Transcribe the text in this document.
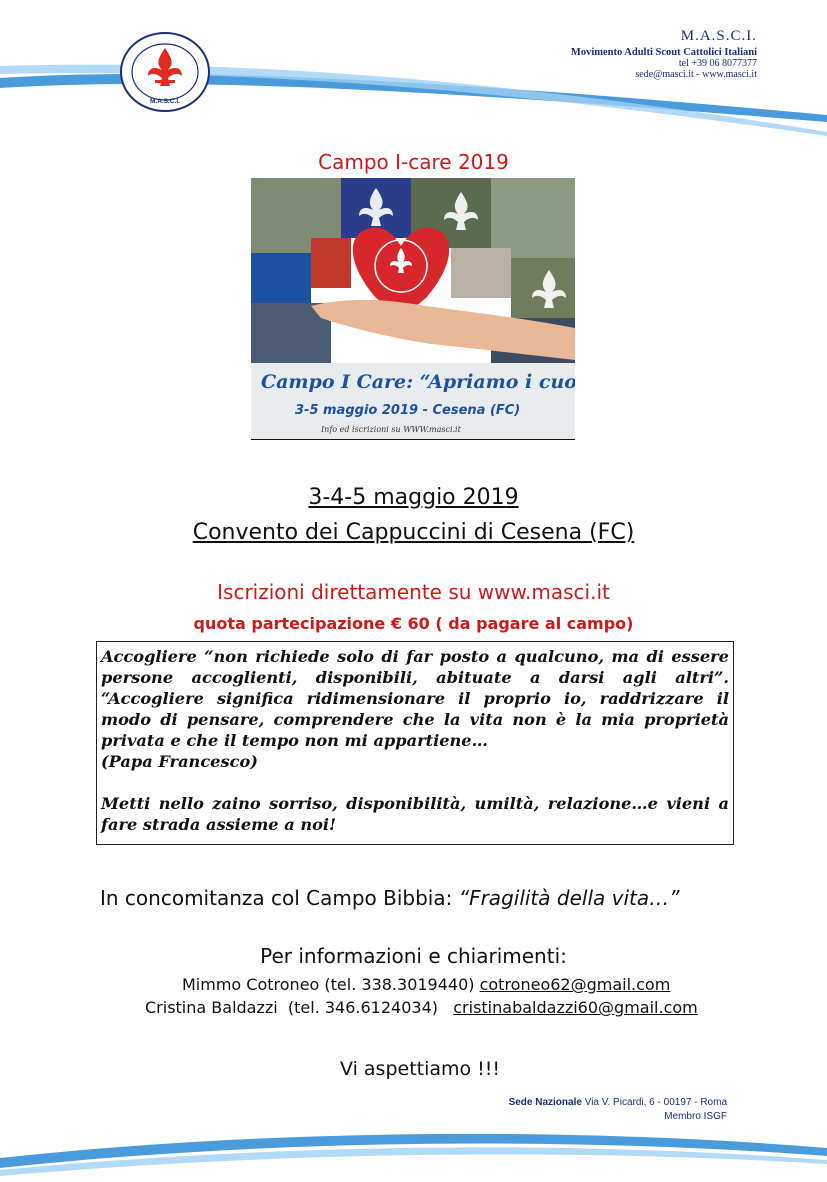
M.A.S.C.I.
M.A.S.C.I.
Movimento Adulti Scout Cattolici Italiani
tel +39 06 8077377
sede@masci.it - www.masci.it
Campo I-care 2019
Campo I Care: “Apriamo i cuori”
3-5 maggio 2019 - Cesena (FC)
Info ed iscrizioni su WWW.masci.it
3-4-5 maggio 2019
Convento dei Cappuccini di Cesena (FC)
Iscrizioni direttamente su www.masci.it
quota partecipazione € 60 ( da pagare al campo)

Accogliere “non richiede solo di far posto a qualcuno, ma di essere persone accoglienti, disponibili, abituate a darsi agli altri”. “Accogliere significa ridimensionare il proprio io, raddrizzare il modo di pensare, comprendere che la vita non è la mia proprietà privata e che il tempo non mi appartiene…

(Papa Francesco)

Metti nello zaino sorriso, disponibilità, umiltà, relazione…e vieni a fare strada assieme a noi!

In concomitanza col Campo Bibbia: “Fragilità della vita…”
Per informazioni e chiarimenti:
Mimmo Cotroneo (tel. 338.3019440) cotroneo62@gmail.com
Cristina Baldazzi  (tel. 346.6124034)   cristinabaldazzi60@gmail.com
Vi aspettiamo !!!
Sede Nazionale Via V. Picardi, 6 - 00197 - Roma
Membro ISGF
